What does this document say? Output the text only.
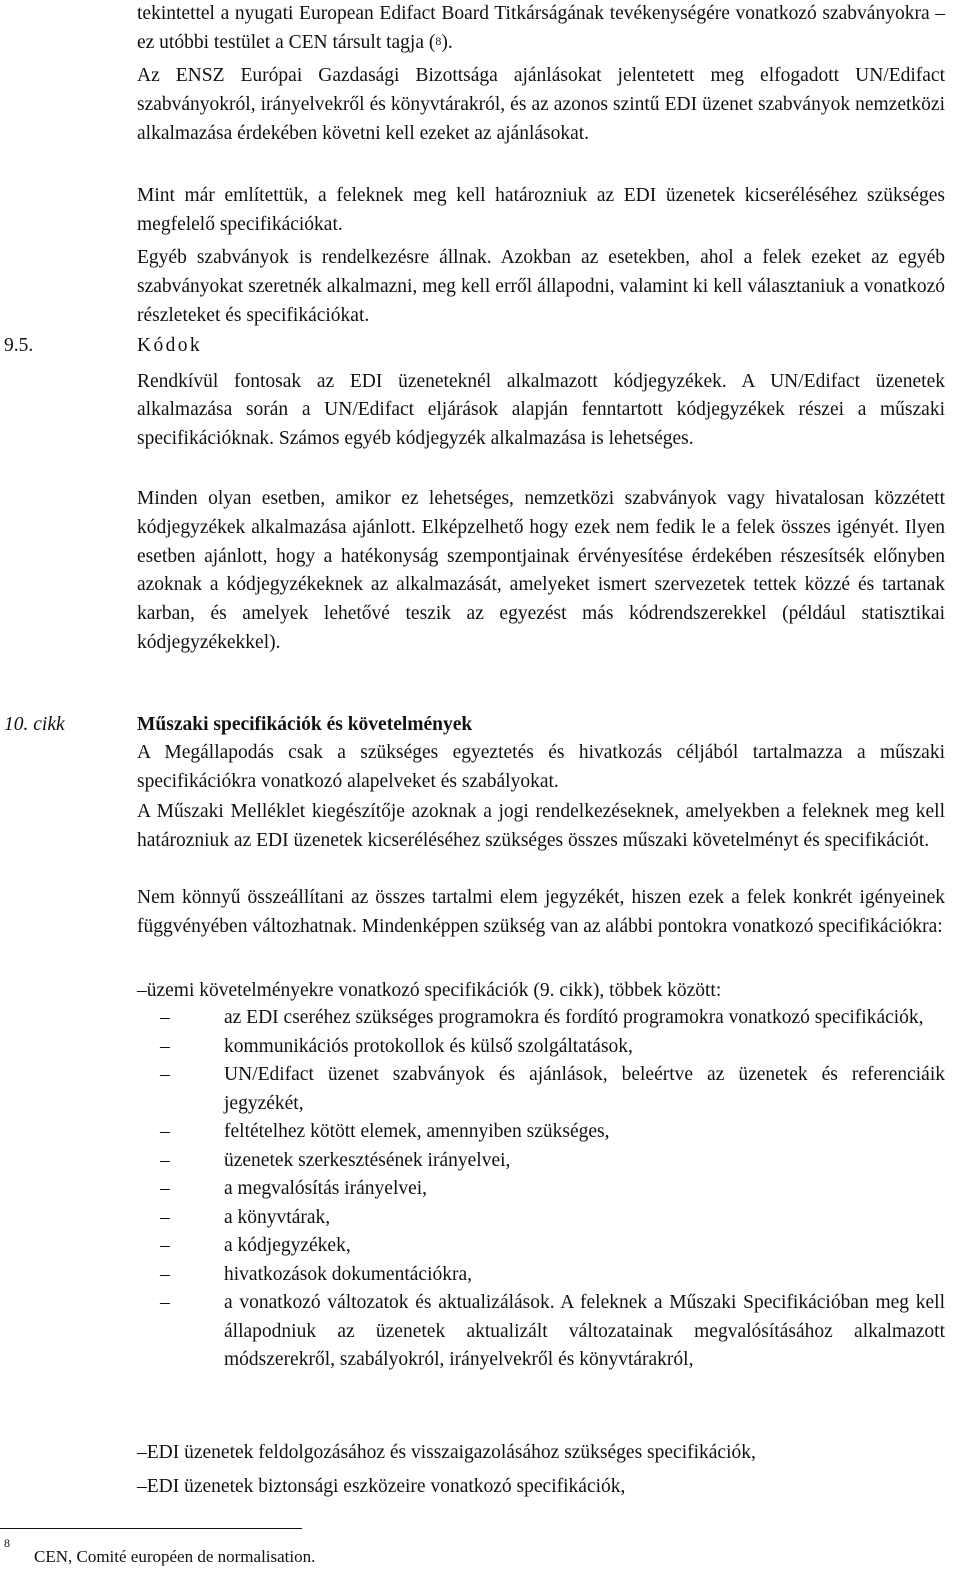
tekintettel a nyugati European Edifact Board Titkárságának tevékenységére vonatkozó szabványokra – ez utóbbi testület a CEN társult tagja ($^8$).

Az ENSZ Európai Gazdasági Bizottsága ajánlásokat jelentetett meg elfogadott UN/Edifact szabványokról, irányelvekről és könyvtárakról, és az azonos szintű EDI üzenet szabványok nemzetközi alkalmazása érdekében követni kell ezeket az ajánlásokat.

Mint már említettük, a feleknek meg kell határozniuk az EDI üzenetek kicseréléséhez szükséges megfelelő specifikációkat.

Egyéb szabványok is rendelkezésre állnak. Azokban az esetekben, ahol a felek ezeket az egyéb szabványokat szeretnék alkalmazni, meg kell erről állapodni, valamint ki kell választaniuk a vonatkozó részleteket és specifikációkat.

9.5.	Kódok

Rendkívül fontosak az EDI üzeneteknél alkalmazott kódjegyzékek. A UN/Edifact üzenetek alkalmazása során a UN/Edifact eljárások alapján fenntartott kódjegyzékek részei a műszaki specifikációknak. Számos egyéb kódjegyzék alkalmazása is lehetséges.

Minden olyan esetben, amikor ez lehetséges, nemzetközi szabványok vagy hivatalosan közzétett kódjegyzékek alkalmazása ajánlott. Elképzelhető hogy ezek nem fedik le a felek összes igényét. Ilyen esetben ajánlott, hogy a hatékonyság szempontjainak érvényesítése érdekében részesítsék előnyben azoknak a kódjegyzékeknek az alkalmazását, amelyeket ismert szervezetek tettek közzé és tartanak karban, és amelyek lehetővé teszik az egyezést más kódrendszerekkel (például statisztikai kódjegyzékekkel).

10. cikk	Műszaki specifikációk és követelmények

A Megállapodás csak a szükséges egyeztetés és hivatkozás céljából tartalmazza a műszaki specifikációkra vonatkozó alapelveket és szabályokat.

A Műszaki Melléklet kiegészítője azoknak a jogi rendelkezéseknek, amelyekben a feleknek meg kell határozniuk az EDI üzenetek kicseréléséhez szükséges összes műszaki követelményt és specifikációt.

Nem könnyű összeállítani az összes tartalmi elem jegyzékét, hiszen ezek a felek konkrét igényeinek függvényében változhatnak. Mindenképpen szükség van az alábbi pontokra vonatkozó specifikációkra:

–üzemi követelményekre vonatkozó specifikációk (9. cikk), többek között:
–	az EDI cseréhez szükséges programokra és fordító programokra vonatkozó specifikációk,
–	kommunikációs protokollok és külső szolgáltatások,
–	UN/Edifact üzenet szabványok és ajánlások, beleértve az üzenetek és referenciáik jegyzékét,
–	feltételhez kötött elemek, amennyiben szükséges,
–	üzenetek szerkesztésének irányelvei,
–	a megvalósítás irányelvei,
–	a könyvtárak,
–	a kódjegyzékek,
–	hivatkozások dokumentációkra,
–	a vonatkozó változatok és aktualizálások. A feleknek a Műszaki Specifikációban meg kell állapodniuk az üzenetek aktualizált változatainak megvalósításához alkalmazott módszerekről, szabályokról, irányelvekről és könyvtárakról,
–EDI üzenetek feldolgozásához és visszaigazolásához szükséges specifikációk,
–EDI üzenetek biztonsági eszközeire vonatkozó specifikációk,
8
CEN, Comité européen de normalisation.
